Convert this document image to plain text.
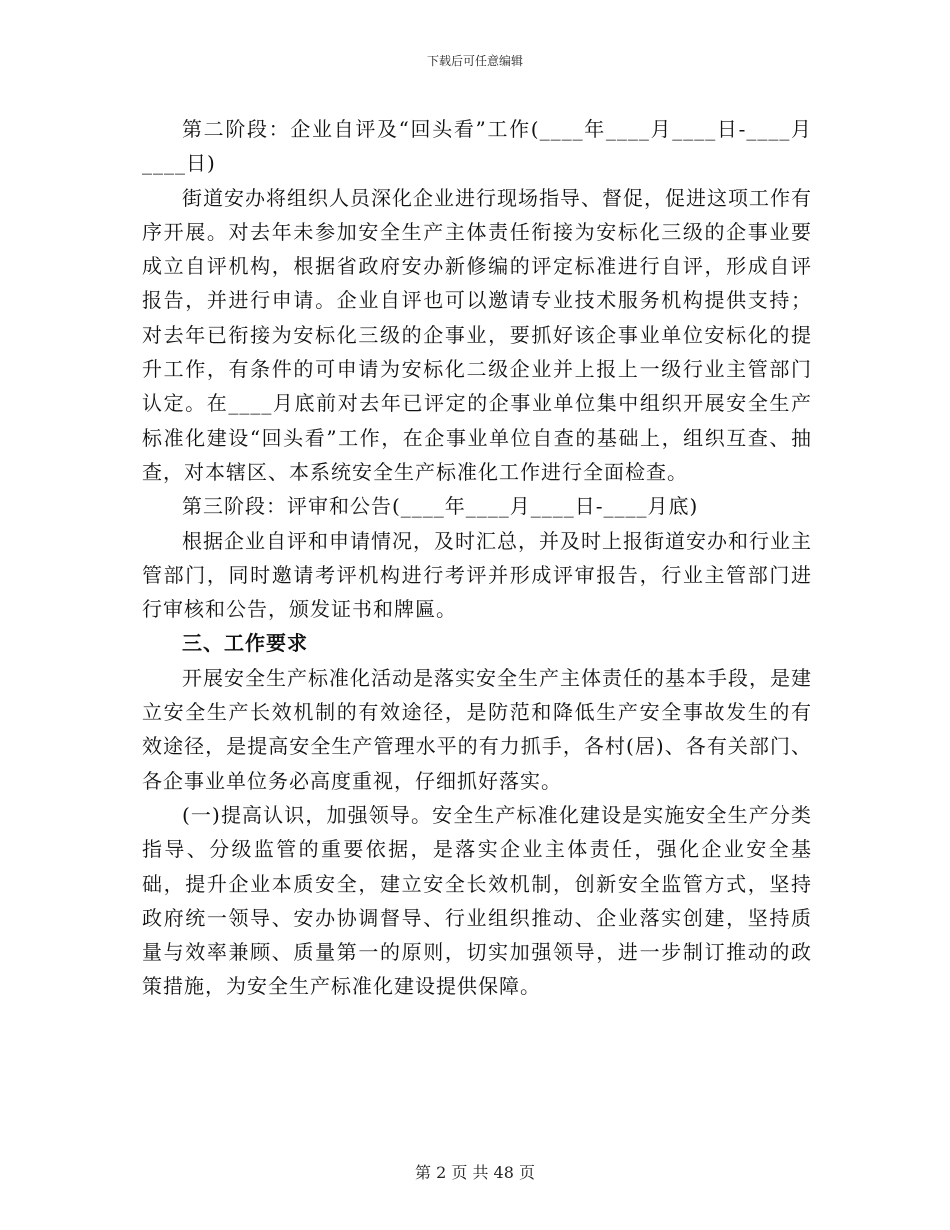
下载后可任意编辑

第二阶段：企业自评及“回头看”工作(____年____月____日-____月____日)

街道安办将组织人员深化企业进行现场指导、督促，促进这项工作有序开展。对去年未参加安全生产主体责任衔接为安标化三级的企事业要成立自评机构，根据省政府安办新修编的评定标准进行自评，形成自评报告，并进行申请。企业自评也可以邀请专业技术服务机构提供支持；对去年已衔接为安标化三级的企事业，要抓好该企事业单位安标化的提升工作，有条件的可申请为安标化二级企业并上报上一级行业主管部门认定。在____月底前对去年已评定的企事业单位集中组织开展安全生产标准化建设“回头看”工作，在企事业单位自查的基础上，组织互查、抽查，对本辖区、本系统安全生产标准化工作进行全面检查。

第三阶段：评审和公告(____年____月____日-____月底)

根据企业自评和申请情况，及时汇总，并及时上报街道安办和行业主管部门，同时邀请考评机构进行考评并形成评审报告，行业主管部门进行审核和公告，颁发证书和牌匾。

三、工作要求

开展安全生产标准化活动是落实安全生产主体责任的基本手段，是建立安全生产长效机制的有效途径，是防范和降低生产安全事故发生的有效途径，是提高安全生产管理水平的有力抓手，各村(居)、各有关部门、各企事业单位务必高度重视，仔细抓好落实。

(一)提高认识，加强领导。安全生产标准化建设是实施安全生产分类指导、分级监管的重要依据，是落实企业主体责任，强化企业安全基础，提升企业本质安全，建立安全长效机制，创新安全监管方式，坚持政府统一领导、安办协调督导、行业组织推动、企业落实创建，坚持质量与效率兼顾、质量第一的原则，切实加强领导，进一步制订推动的政策措施，为安全生产标准化建设提供保障。

第 2 页 共 48 页
